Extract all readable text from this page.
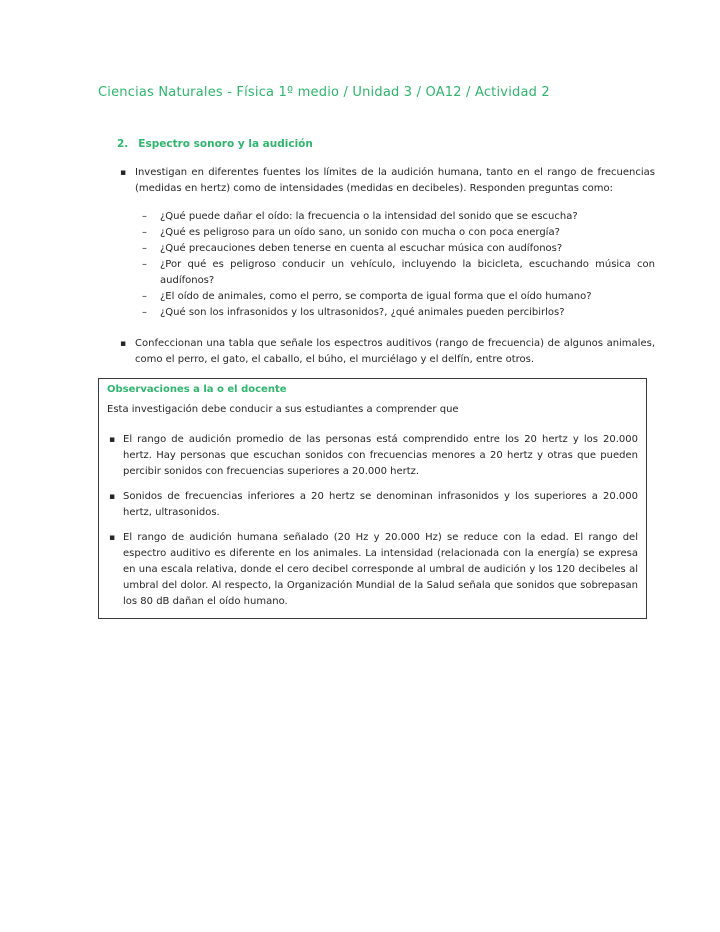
Ciencias Naturales - Física 1º medio / Unidad 3 / OA12 / Actividad 2
2. Espectro sonoro y la audición
▪ Investigan en diferentes fuentes los límites de la audición humana, tanto en el rango de frecuencias (medidas en hertz) como de intensidades (medidas en decibeles). Responden preguntas como:
– ¿Qué puede dañar el oído: la frecuencia o la intensidad del sonido que se escucha?
– ¿Qué es peligroso para un oído sano, un sonido con mucha o con poca energía?
– ¿Qué precauciones deben tenerse en cuenta al escuchar música con audífonos?
– ¿Por qué es peligroso conducir un vehículo, incluyendo la bicicleta, escuchando música con audífonos?
– ¿El oído de animales, como el perro, se comporta de igual forma que el oído humano?
– ¿Qué son los infrasonidos y los ultrasonidos?, ¿qué animales pueden percibirlos?
▪ Confeccionan una tabla que señale los espectros auditivos (rango de frecuencia) de algunos animales, como el perro, el gato, el caballo, el búho, el murciélago y el delfín, entre otros.
Observaciones a la o el docente
Esta investigación debe conducir a sus estudiantes a comprender que
▪ El rango de audición promedio de las personas está comprendido entre los 20 hertz y los 20.000 hertz. Hay personas que escuchan sonidos con frecuencias menores a 20 hertz y otras que pueden percibir sonidos con frecuencias superiores a 20.000 hertz.
▪ Sonidos de frecuencias inferiores a 20 hertz se denominan infrasonidos y los superiores a 20.000 hertz, ultrasonidos.
▪ El rango de audición humana señalado (20 Hz y 20.000 Hz) se reduce con la edad. El rango del espectro auditivo es diferente en los animales. La intensidad (relacionada con la energía) se expresa en una escala relativa, donde el cero decibel corresponde al umbral de audición y los 120 decibeles al umbral del dolor. Al respecto, la Organización Mundial de la Salud señala que sonidos que sobrepasan los 80 dB dañan el oído humano.
